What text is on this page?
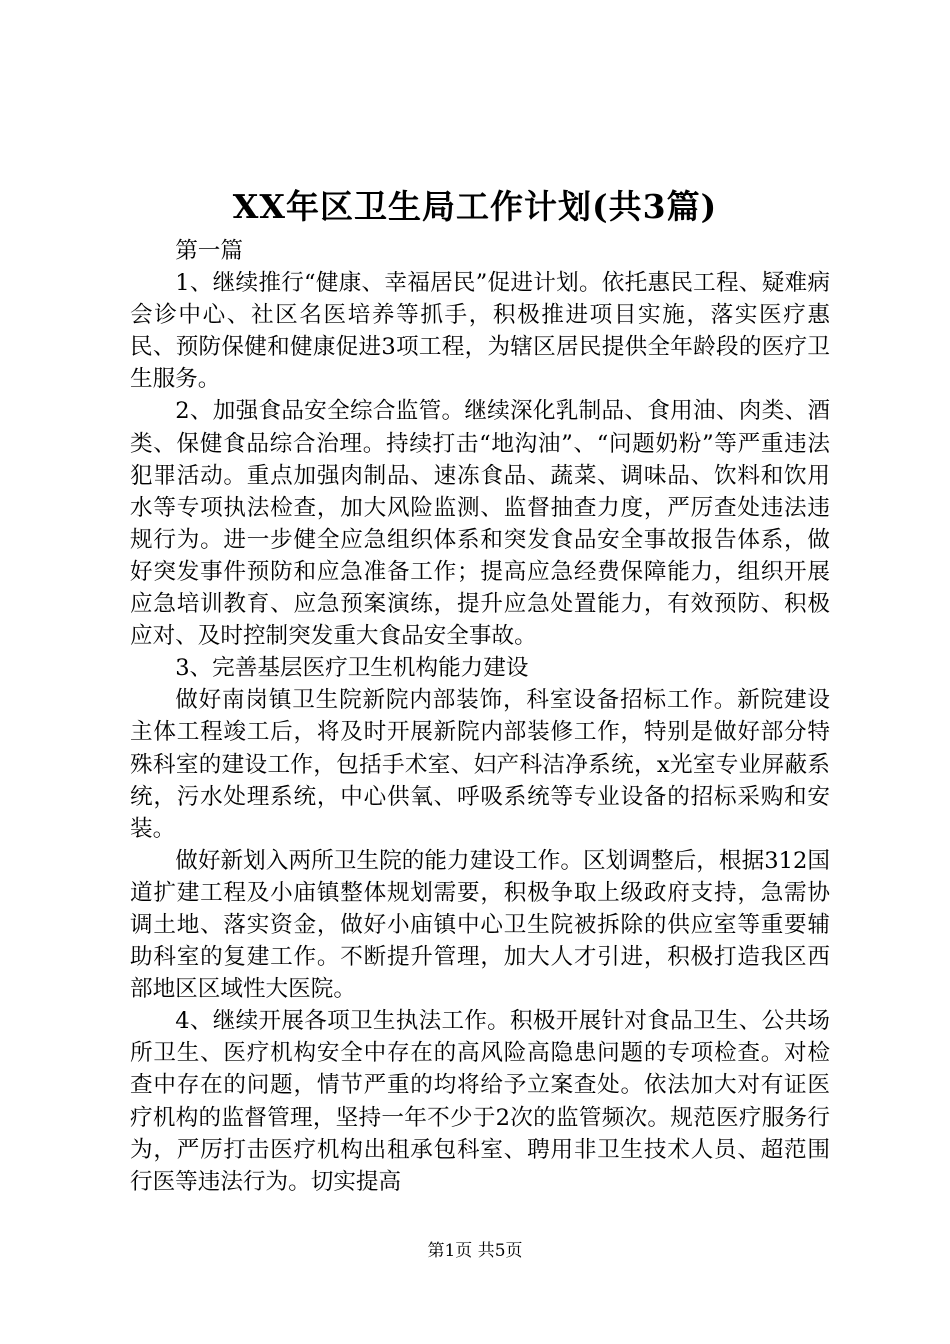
XX年区卫生局工作计划(共3篇)

第一篇

1、继续推行“健康、幸福居民”促进计划。依托惠民工程、疑难病会诊中心、社区名医培养等抓手，积极推进项目实施，落实医疗惠民、预防保健和健康促进3项工程，为辖区居民提供全年龄段的医疗卫生服务。

2、加强食品安全综合监管。继续深化乳制品、食用油、肉类、酒类、保健食品综合治理。持续打击“地沟油”、“问题奶粉”等严重违法犯罪活动。重点加强肉制品、速冻食品、蔬菜、调味品、饮料和饮用水等专项执法检查，加大风险监测、监督抽查力度，严厉查处违法违规行为。进一步健全应急组织体系和突发食品安全事故报告体系，做好突发事件预防和应急准备工作；提高应急经费保障能力，组织开展应急培训教育、应急预案演练，提升应急处置能力，有效预防、积极应对、及时控制突发重大食品安全事故。

3、完善基层医疗卫生机构能力建设

做好南岗镇卫生院新院内部装饰，科室设备招标工作。新院建设主体工程竣工后，将及时开展新院内部装修工作，特别是做好部分特殊科室的建设工作，包括手术室、妇产科洁净系统，x光室专业屏蔽系统，污水处理系统，中心供氧、呼吸系统等专业设备的招标采购和安装。

做好新划入两所卫生院的能力建设工作。区划调整后，根据312国道扩建工程及小庙镇整体规划需要，积极争取上级政府支持，急需协调土地、落实资金，做好小庙镇中心卫生院被拆除的供应室等重要辅助科室的复建工作。不断提升管理，加大人才引进，积极打造我区西部地区区域性大医院。

4、继续开展各项卫生执法工作。积极开展针对食品卫生、公共场所卫生、医疗机构安全中存在的高风险高隐患问题的专项检查。对检查中存在的问题，情节严重的均将给予立案查处。依法加大对有证医疗机构的监督管理，坚持一年不少于2次的监管频次。规范医疗服务行为，严厉打击医疗机构出租承包科室、聘用非卫生技术人员、超范围行医等违法行为。切实提高

第1页 共5页
